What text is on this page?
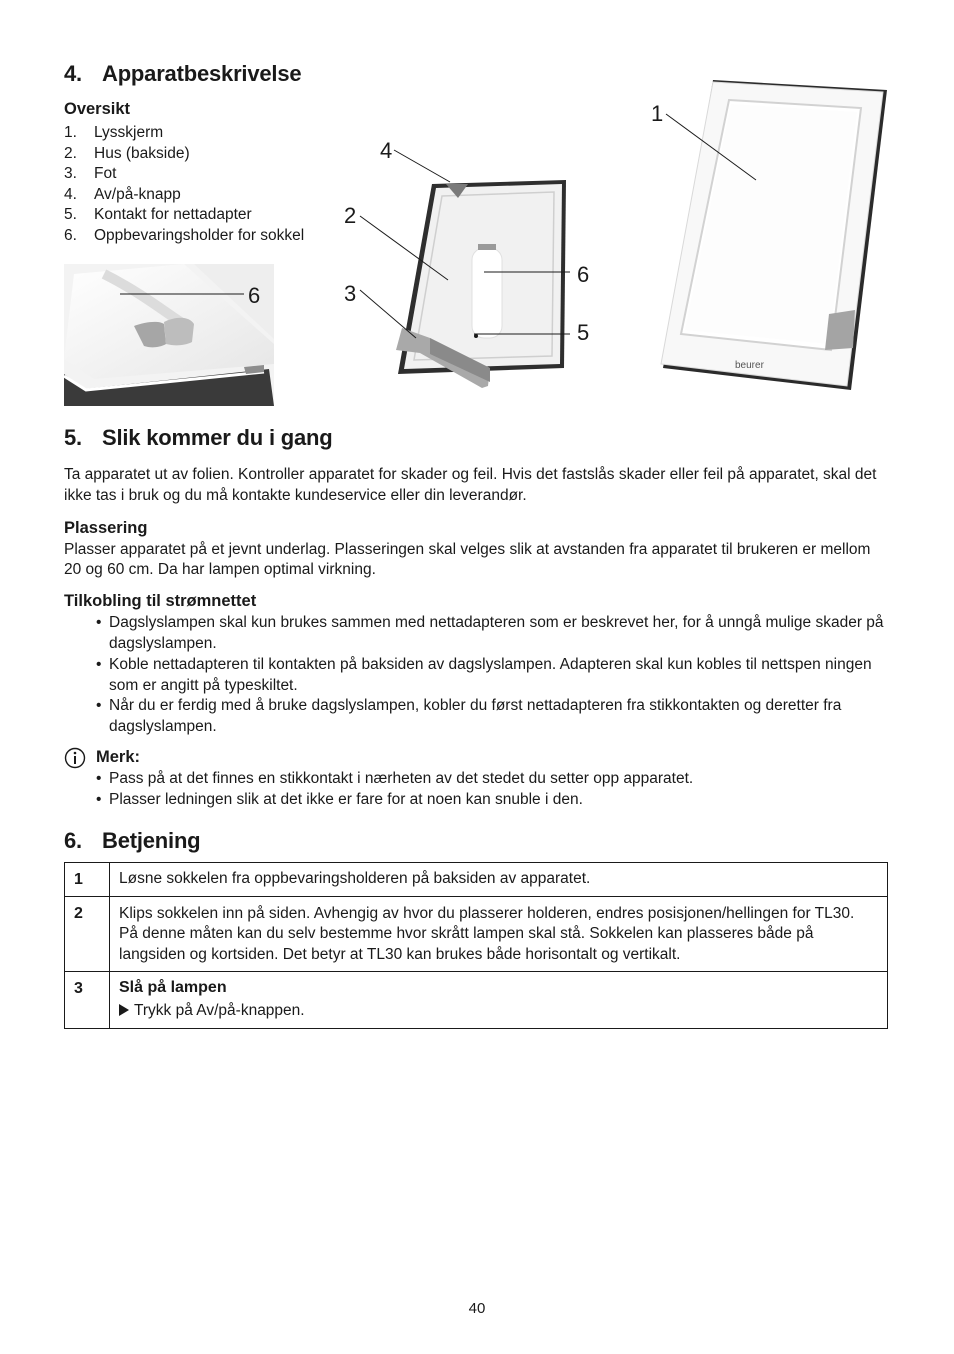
4. Apparatbeskrivelse
Oversikt
1. Lysskjerm
2. Hus (bakside)
3. Fot
4. Av/på-knapp
5. Kontakt for nettadapter
6. Oppbevaringsholder for sokkel
6
4
2
3
6
5
beurer
1
5. Slik kommer du i gang

Ta apparatet ut av folien. Kontroller apparatet for skader og feil. Hvis det fastslås skader eller feil på apparatet, skal det ikke tas i bruk og du må kontakte kundeservice eller din leverandør.

Plassering

Plasser apparatet på et jevnt underlag. Plasseringen skal velges slik at avstanden fra apparatet til brukeren er mellom 20 og 60 cm. Da har lampen optimal virkning.

Tilkobling til strømnettet
• Dagslyslampen skal kun brukes sammen med nettadapteren som er beskrevet her, for å unngå mulige skader på dagslyslampen.
• Koble nettadapteren til kontakten på baksiden av dagslyslampen. Adapteren skal kun kobles til nettspen ningen som er angitt på typeskiltet.
• Når du er ferdig med å bruke dagslyslampen, kobler du først nettadapteren fra stikkontakten og deretter fra dagslyslampen.
Merk:
• Pass på at det finnes en stikkontakt i nærheten av det stedet du setter opp apparatet.
• Plasser ledningen slik at det ikke er fare for at noen kan snuble i den.
6. Betjening
1	Løsne sokkelen fra oppbevaringsholderen på baksiden av apparatet.
2	Klips sokkelen inn på siden. Avhengig av hvor du plasserer holderen, endres posisjonen/hellingen for TL30. På denne måten kan du selv bestemme hvor skrått lampen skal stå. Sokkelen kan plasseres både på langsiden og kortsiden. Det betyr at TL30 kan brukes både horisontalt og vertikalt.
3	Slå på lampen
Trykk på Av/på-knappen.
40
